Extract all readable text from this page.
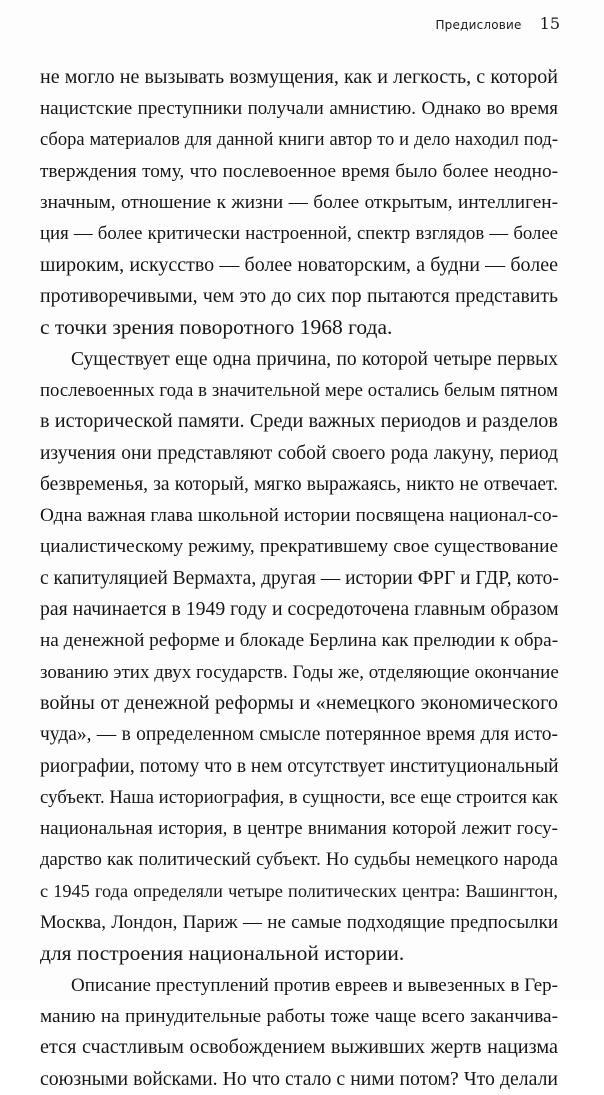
Предисловие 15

не могло не вызывать возмущения, как и легкость, с которой
нацистские преступники получали амнистию. Однако во время
сбора материалов для данной книги автор то и дело находил под-
тверждения тому, что послевоенное время было более неодно-
значным, отношение к жизни — более открытым, интеллиген-
ция — более критически настроенной, спектр взглядов — более
широким, искусство — более новаторским, а будни — более
противоречивыми, чем это до сих пор пытаются представить
с точки зрения поворотного 1968 года.

Существует еще одна причина, по которой четыре первых
послевоенных года в значительной мере остались белым пятном
в исторической памяти. Среди важных периодов и разделов
изучения они представляют собой своего рода лакуну, период
безвременья, за который, мягко выражаясь, никто не отвечает.
Одна важная глава школьной истории посвящена национал-со-
циалистическому режиму, прекратившему свое существование
с капитуляцией Вермахта, другая — истории ФРГ и ГДР, кото-
рая начинается в 1949 году и сосредоточена главным образом
на денежной реформе и блокаде Берлина как прелюдии к обра-
зованию этих двух государств. Годы же, отделяющие окончание
войны от денежной реформы и «немецкого экономического
чуда», — в определенном смысле потерянное время для исто-
риографии, потому что в нем отсутствует институциональный
субъект. Наша историография, в сущности, все еще строится как
национальная история, в центре внимания которой лежит госу-
дарство как политический субъект. Но судьбы немецкого народа
с 1945 года определяли четыре политических центра: Вашингтон,
Москва, Лондон, Париж — не самые подходящие предпосылки
для построения национальной истории.

Описание преступлений против евреев и вывезенных в Гер-
манию на принудительные работы тоже чаще всего заканчива-
ется счастливым освобождением выживших жертв нацизма
союзными войсками. Но что стало с ними потом? Что делали
